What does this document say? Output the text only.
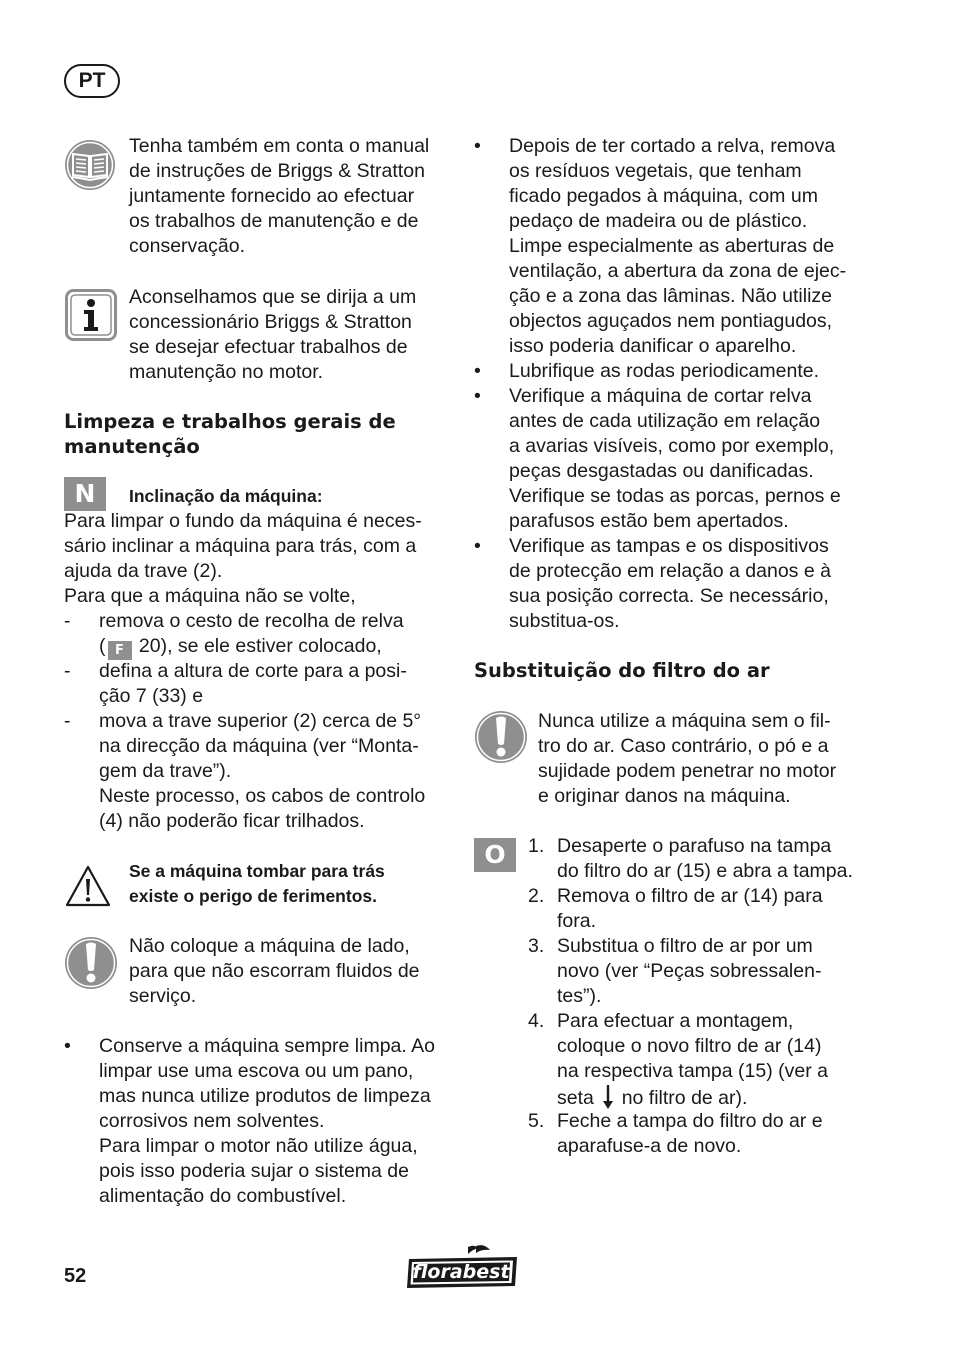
PT
Tenha também em conta o manual
de instruções de Briggs & Stratton
juntamente fornecido ao efectuar
os trabalhos de manutenção e de
conservação.
Aconselhamos que se dirija a um
concessionário Briggs & Stratton
se desejar efectuar trabalhos de
manutenção no motor.
Limpeza e trabalhos gerais de
manutenção
N	Inclinação da máquina:
Para limpar o fundo da máquina é neces-
sário inclinar a máquina para trás, com a
ajuda da trave (2).
Para que a máquina não se volte,
- remova o cesto de recolha de relva
( F 20), se ele estiver colocado,
- defina a altura de corte para a posi-
ção 7 (33) e
- mova a trave superior (2) cerca de 5°
na direcção da máquina (ver “Monta-
gem da trave”).
Neste processo, os cabos de controlo
(4) não poderão ficar trilhados.
Se a máquina tombar para trás
existe o perigo de ferimentos.
Não coloque a máquina de lado,
para que não escorram fluidos de
serviço.
• Conserve a máquina sempre limpa. Ao
limpar use uma escova ou um pano,
mas nunca utilize produtos de limpeza
corrosivos nem solventes.
Para limpar o motor não utilize água,
pois isso poderia sujar o sistema de
alimentação do combustível.
• Depois de ter cortado a relva, remova
os resíduos vegetais, que tenham
ficado pegados à máquina, com um
pedaço de madeira ou de plástico.
Limpe especialmente as aberturas de
ventilação, a abertura da zona de ejec-
ção e a zona das lâminas. Não utilize
objectos aguçados nem pontiagudos,
isso poderia danificar o aparelho.
• Lubrifique as rodas periodicamente.
• Verifique a máquina de cortar relva
antes de cada utilização em relação
a avarias visíveis, como por exemplo,
peças desgastadas ou danificadas.
Verifique se todas as porcas, pernos e
parafusos estão bem apertados.
• Verifique as tampas e os dispositivos
de protecção em relação a danos e à
sua posição correcta. Se necessário,
substitua-os.
Substituição do filtro do ar
Nunca utilize a máquina sem o fil-
tro do ar. Caso contrário, o pó e a
sujidade podem penetrar no motor
e originar danos na máquina.
O	1. Desaperte o parafuso na tampa
do filtro do ar (15) e abra a tampa.
2. Remova o filtro de ar (14) para
fora.
3. Substitua o filtro de ar por um
novo (ver “Peças sobressalen-
tes”).
4. Para efectuar a montagem,
coloque o novo filtro de ar (14)
na respectiva tampa (15) (ver a
seta no filtro de ar).
5. Feche a tampa do filtro do ar e
aparafuse-a de novo.
52	florabest
